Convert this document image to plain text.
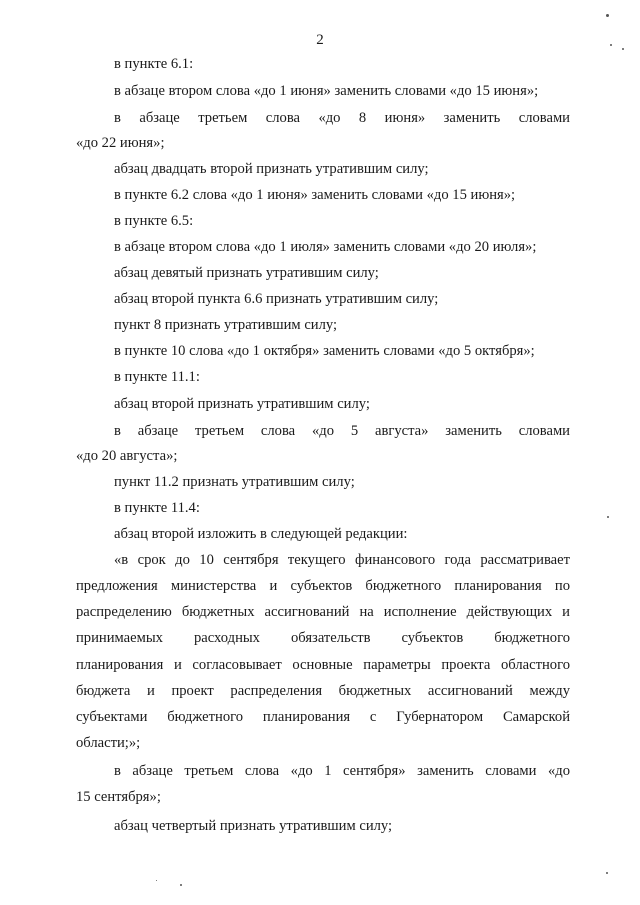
2
в пункте 6.1:
в абзаце втором слова «до 1 июня» заменить словами «до 15 июня»;
в абзаце третьем слова «до 8 июня» заменить словами
«до 22 июня»;
абзац двадцать второй признать утратившим силу;
в пункте 6.2 слова «до 1 июня» заменить словами «до 15 июня»;
в пункте 6.5:
в абзаце втором слова «до 1 июля» заменить словами «до 20 июля»;
абзац девятый признать утратившим силу;
абзац второй пункта 6.6 признать утратившим силу;
пункт 8 признать утратившим силу;
в пункте 10 слова «до 1 октября» заменить словами «до 5 октября»;
в пункте 11.1:
абзац второй признать утратившим силу;
в абзаце третьем слова «до 5 августа» заменить словами
«до 20 августа»;
пункт 11.2 признать утратившим силу;
в пункте 11.4:
абзац второй изложить в следующей редакции:
«в срок до 10 сентября текущего финансового года рассматривает
предложения министерства и субъектов бюджетного планирования по
распределению бюджетных ассигнований на исполнение действующих и
принимаемых расходных обязательств субъектов бюджетного
планирования и согласовывает основные параметры проекта областного
бюджета и проект распределения бюджетных ассигнований между
субъектами бюджетного планирования с Губернатором Самарской
области;»;
в абзаце третьем слова «до 1 сентября» заменить словами «до
15 сентября»;
абзац четвертый признать утратившим силу;
